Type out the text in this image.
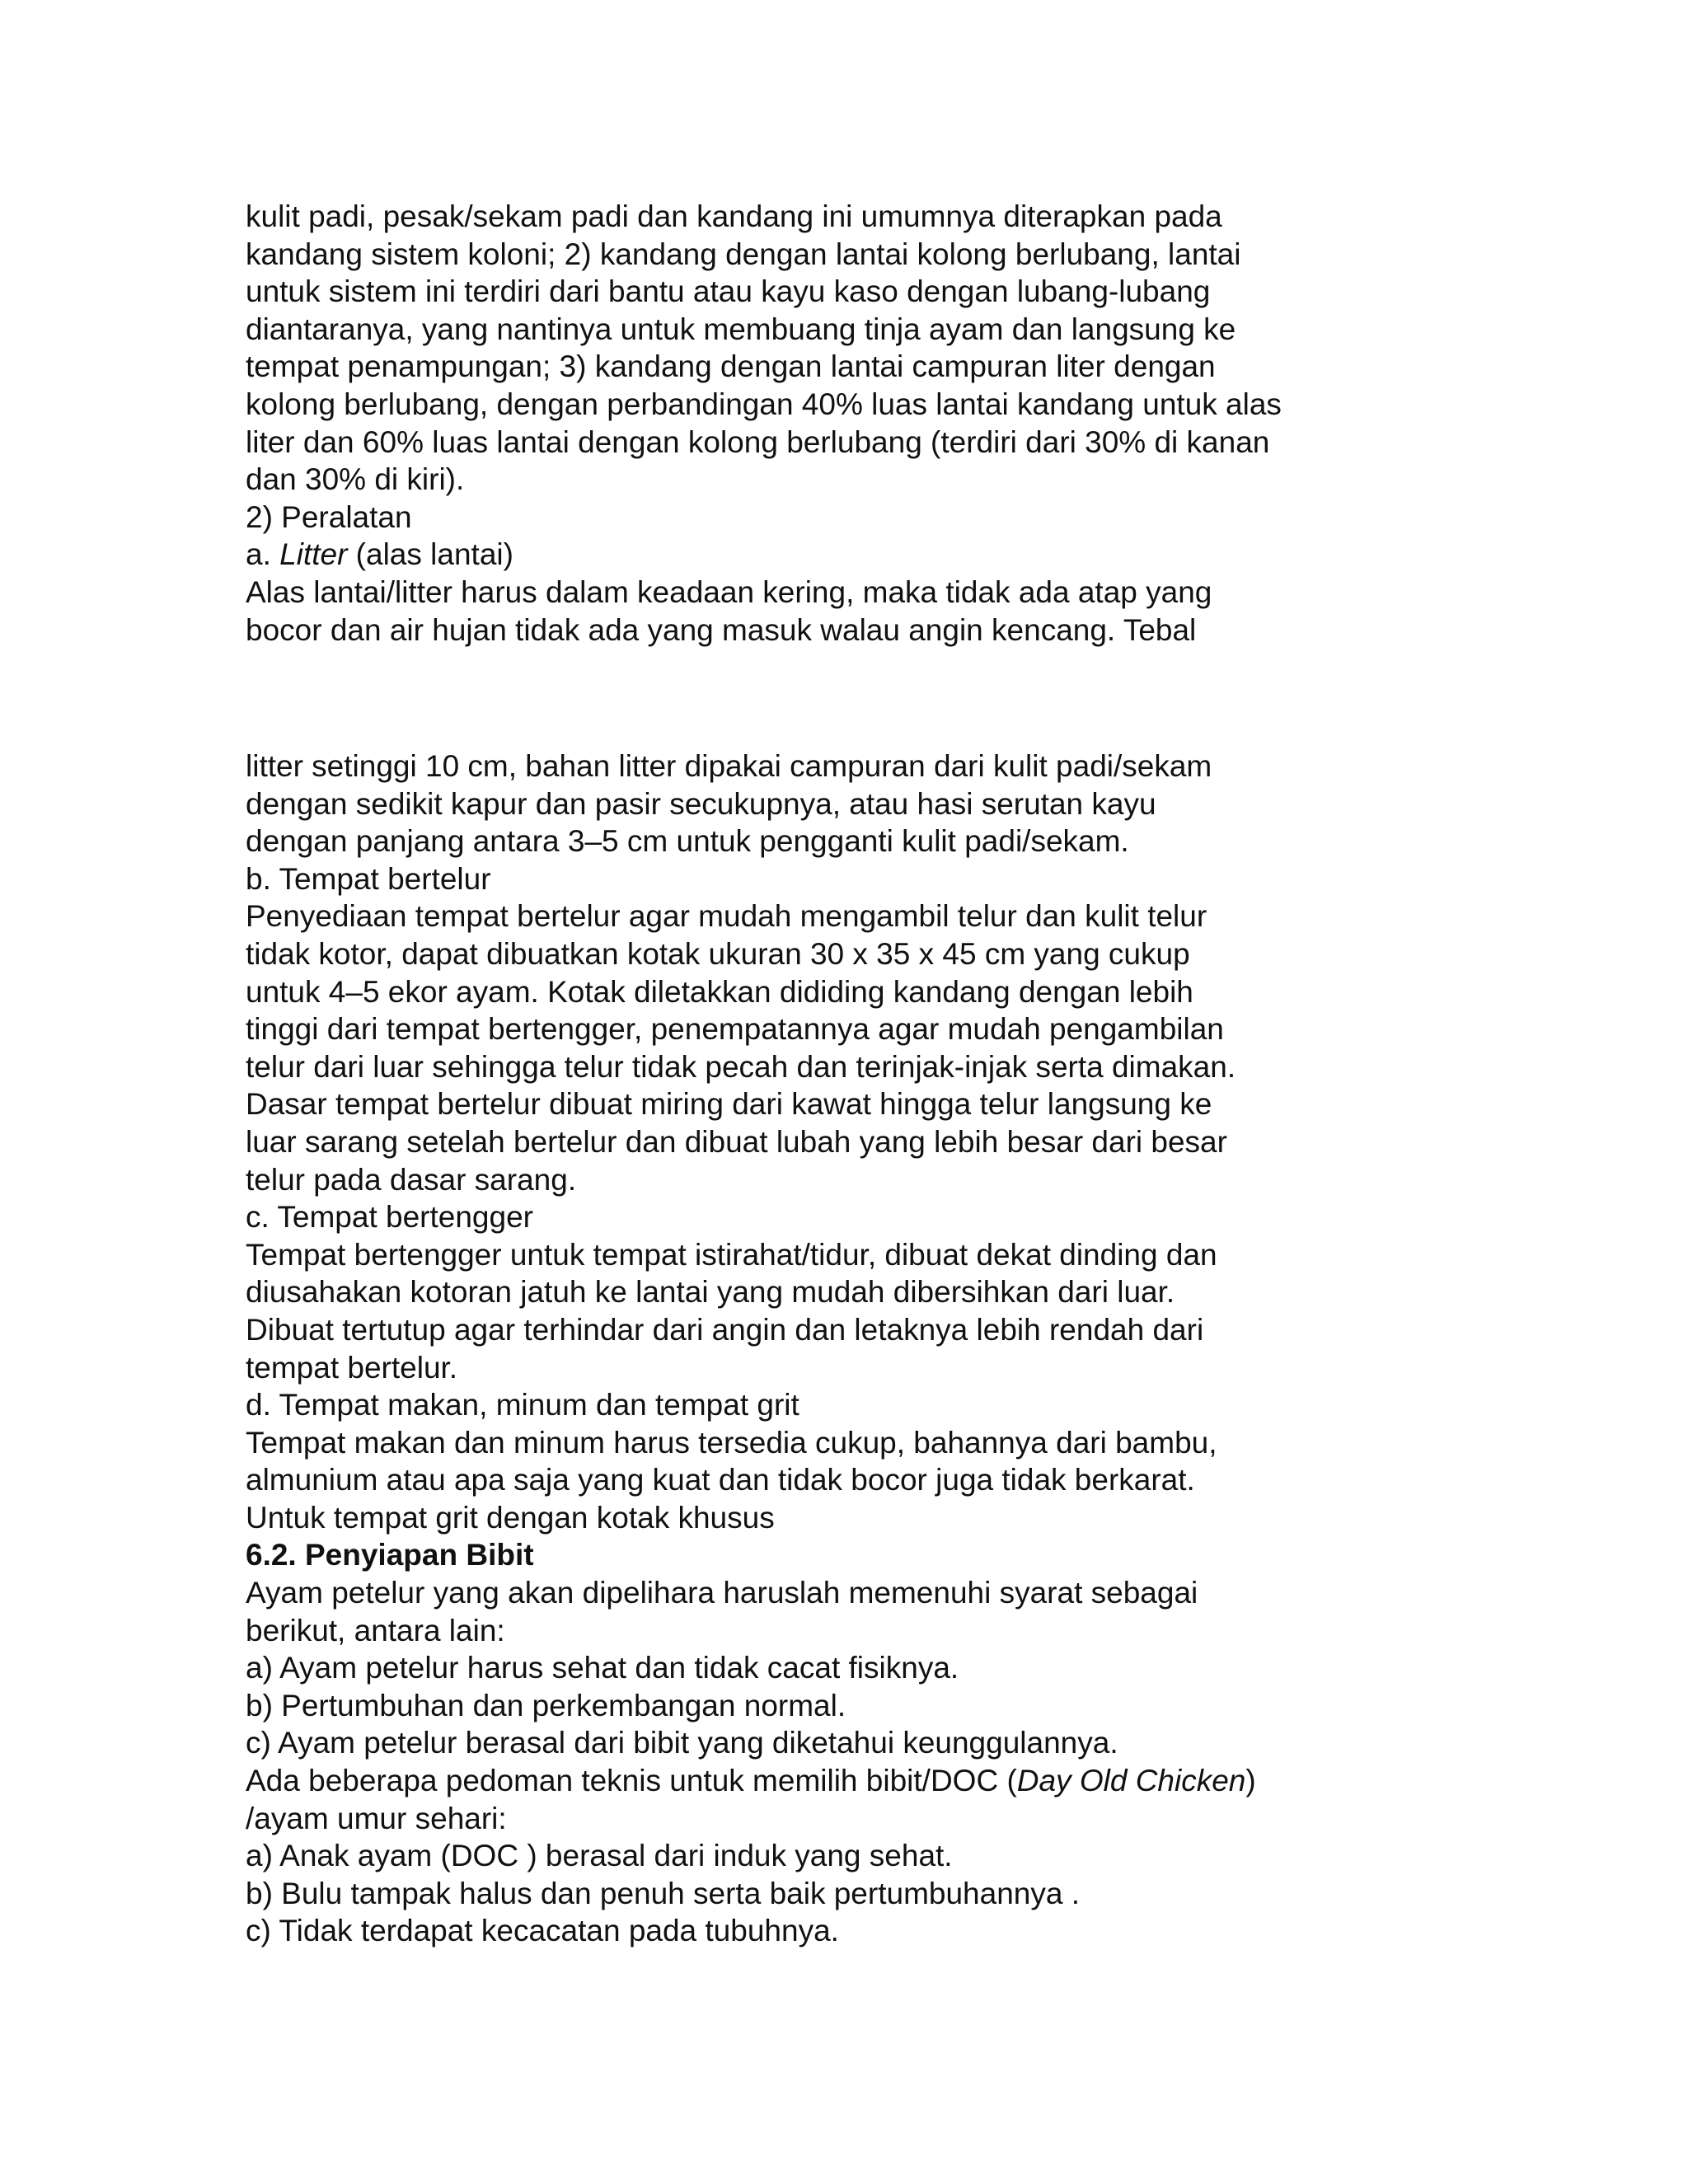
kulit padi, pesak/sekam padi dan kandang ini umumnya diterapkan pada
kandang sistem koloni; 2) kandang dengan lantai kolong berlubang, lantai
untuk sistem ini terdiri dari bantu atau kayu kaso dengan lubang-lubang
diantaranya, yang nantinya untuk membuang tinja ayam dan langsung ke
tempat penampungan; 3) kandang dengan lantai campuran liter dengan
kolong berlubang, dengan perbandingan 40% luas lantai kandang untuk alas
liter dan 60% luas lantai dengan kolong berlubang (terdiri dari 30% di kanan
dan 30% di kiri).
2) Peralatan
a. Litter (alas lantai)
Alas lantai/litter harus dalam keadaan kering, maka tidak ada atap yang
bocor dan air hujan tidak ada yang masuk walau angin kencang. Tebal
litter setinggi 10 cm, bahan litter dipakai campuran dari kulit padi/sekam
dengan sedikit kapur dan pasir secukupnya, atau hasi serutan kayu
dengan panjang antara 3–5 cm untuk pengganti kulit padi/sekam.
b. Tempat bertelur
Penyediaan tempat bertelur agar mudah mengambil telur dan kulit telur
tidak kotor, dapat dibuatkan kotak ukuran 30 x 35 x 45 cm yang cukup
untuk 4–5 ekor ayam. Kotak diletakkan dididing kandang dengan lebih
tinggi dari tempat bertengger, penempatannya agar mudah pengambilan
telur dari luar sehingga telur tidak pecah dan terinjak-injak serta dimakan.
Dasar tempat bertelur dibuat miring dari kawat hingga telur langsung ke
luar sarang setelah bertelur dan dibuat lubah yang lebih besar dari besar
telur pada dasar sarang.
c. Tempat bertengger
Tempat bertengger untuk tempat istirahat/tidur, dibuat dekat dinding dan
diusahakan kotoran jatuh ke lantai yang mudah dibersihkan dari luar.
Dibuat tertutup agar terhindar dari angin dan letaknya lebih rendah dari
tempat bertelur.
d. Tempat makan, minum dan tempat grit
Tempat makan dan minum harus tersedia cukup, bahannya dari bambu,
almunium atau apa saja yang kuat dan tidak bocor juga tidak berkarat.
Untuk tempat grit dengan kotak khusus
6.2. Penyiapan Bibit
Ayam petelur yang akan dipelihara haruslah memenuhi syarat sebagai
berikut, antara lain:
a) Ayam petelur harus sehat dan tidak cacat fisiknya.
b) Pertumbuhan dan perkembangan normal.
c) Ayam petelur berasal dari bibit yang diketahui keunggulannya.
Ada beberapa pedoman teknis untuk memilih bibit/DOC (Day Old Chicken)
/ayam umur sehari:
a) Anak ayam (DOC ) berasal dari induk yang sehat.
b) Bulu tampak halus dan penuh serta baik pertumbuhannya .
c) Tidak terdapat kecacatan pada tubuhnya.
